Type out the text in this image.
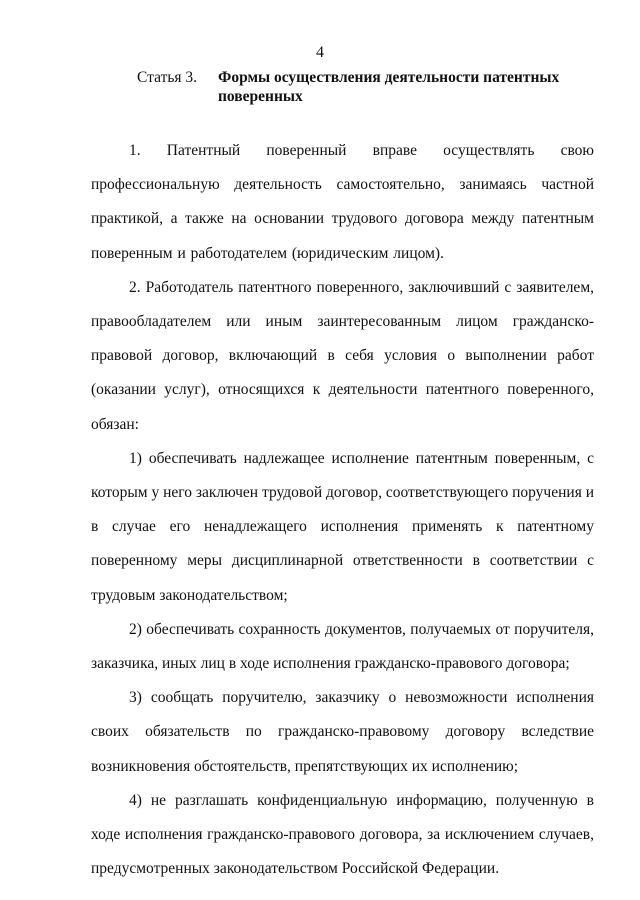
4
Статья 3. Формы осуществления деятельности патентных
поверенных

1. Патентный поверенный вправе осуществлять свою профессиональную деятельность самостоятельно, занимаясь частной практикой, а также на основании трудового договора между патентным поверенным и работодателем (юридическим лицом).

2. Работодатель патентного поверенного, заключивший с заявителем, правообладателем или иным заинтересованным лицом гражданско-правовой договор, включающий в себя условия о выполнении работ (оказании услуг), относящихся к деятельности патентного поверенного, обязан:

1) обеспечивать надлежащее исполнение патентным поверенным, с которым у него заключен трудовой договор, соответствующего поручения и в случае его ненадлежащего исполнения применять к патентному поверенному меры дисциплинарной ответственности в соответствии с трудовым законодательством;

2) обеспечивать сохранность документов, получаемых от поручителя, заказчика, иных лиц в ходе исполнения гражданско-правового договора;

3) сообщать поручителю, заказчику о невозможности исполнения своих обязательств по гражданско-правовому договору вследствие возникновения обстоятельств, препятствующих их исполнению;

4) не разглашать конфиденциальную информацию, полученную в ходе исполнения гражданско-правового договора, за исключением случаев, предусмотренных законодательством Российской Федерации.
